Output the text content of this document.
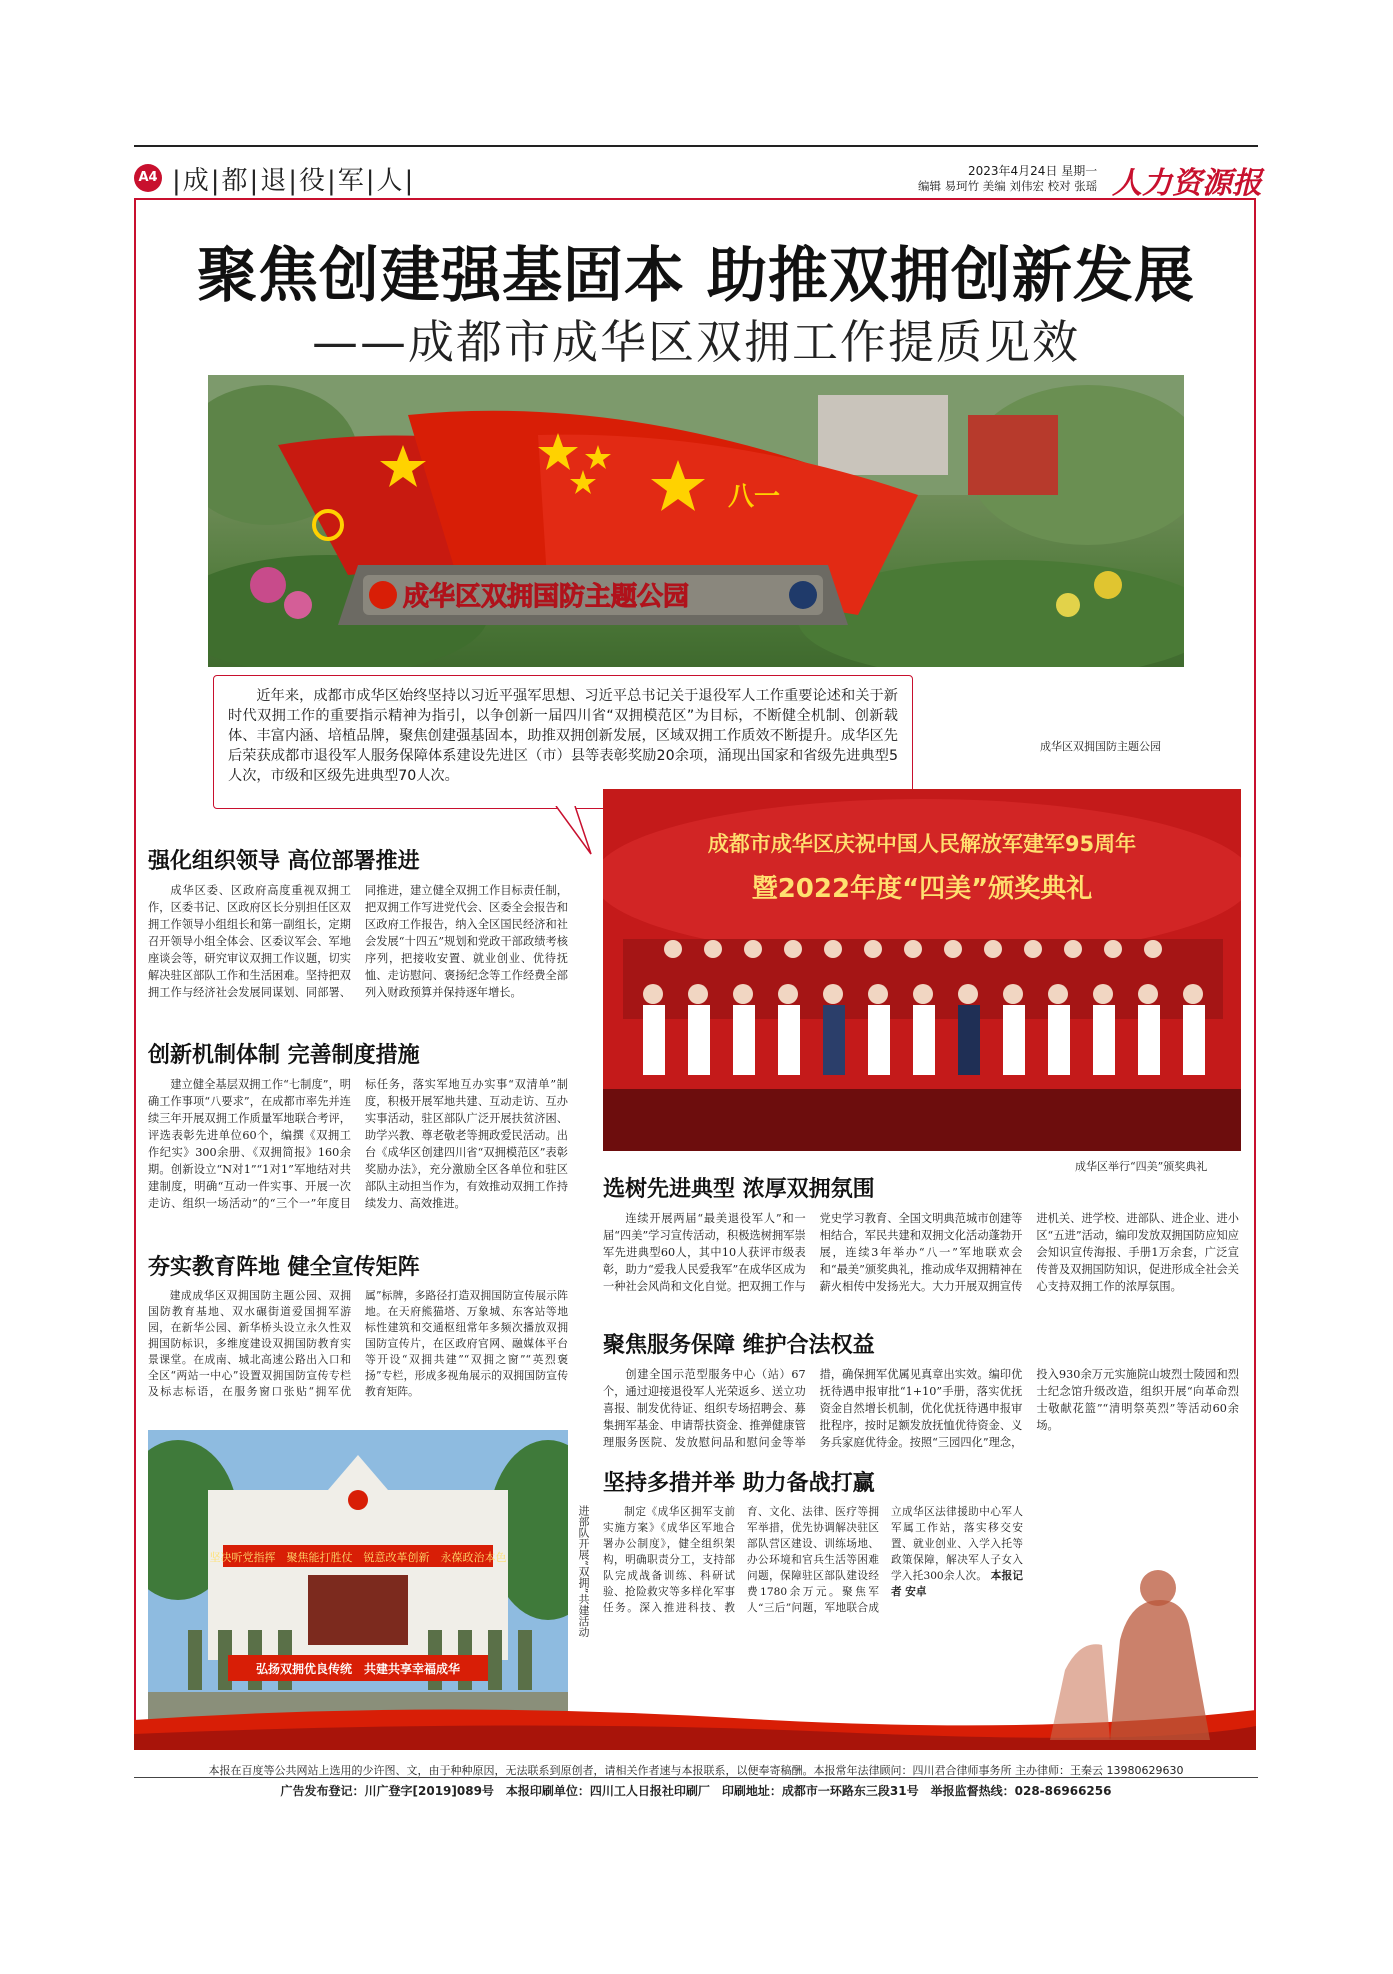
A4 |成|都|退|役|军|人|	2023年4月24日 星期一
编辑 易珂竹 美编 刘伟宏 校对 张瑶 人力资源报
聚焦创建强基固本 助推双拥创新发展
——成都市成华区双拥工作提质见效
八一
成华区双拥国防主题公园
成华区双拥国防主题公园
近年来，成都市成华区始终坚持以习近平强军思想、习近平总书记关于退役军人工作重要论述和关于新时代双拥工作的重要指示精神为指引，以争创新一届四川省“双拥模范区”为目标，不断健全机制、创新载体、丰富内涵、培植品牌，聚焦创建强基固本，助推双拥创新发展，区域双拥工作质效不断提升。成华区先后荣获成都市退役军人服务保障体系建设先进区（市）县等表彰奖励20余项，涌现出国家和省级先进典型5人次，市级和区级先进典型70人次。
强化组织领导 高位部署推进

成华区委、区政府高度重视双拥工作，区委书记、区政府区长分别担任区双拥工作领导小组组长和第一副组长，定期召开领导小组全体会、区委议军会、军地座谈会等，研究审议双拥工作议题，切实解决驻区部队工作和生活困难。坚持把双拥工作与经济社会发展同谋划、同部署、同推进，建立健全双拥工作目标责任制，把双拥工作写进党代会、区委全会报告和区政府工作报告，纳入全区国民经济和社会发展“十四五”规划和党政干部政绩考核序列，把接收安置、就业创业、优待抚恤、走访慰问、褒扬纪念等工作经费全部列入财政预算并保持逐年增长。

创新机制体制 完善制度措施

建立健全基层双拥工作“七制度”，明确工作事项“八要求”，在成都市率先并连续三年开展双拥工作质量军地联合考评，评选表彰先进单位60个，编撰《双拥工作纪实》300余册、《双拥简报》160余期。创新设立“N对1”“1对1”军地结对共建制度，明确“互动一件实事、开展一次走访、组织一场活动”的“三个一”年度目标任务，落实军地互办实事“双清单”制度，积极开展军地共建、互动走访、互办实事活动，驻区部队广泛开展扶贫济困、助学兴教、尊老敬老等拥政爱民活动。出台《成华区创建四川省“双拥模范区”表彰奖励办法》，充分激励全区各单位和驻区部队主动担当作为，有效推动双拥工作持续发力、高效推进。

夯实教育阵地 健全宣传矩阵

建成成华区双拥国防主题公园、双拥国防教育基地、双水碾街道爱国拥军游园，在新华公园、新华桥头设立永久性双拥国防标识，多维度建设双拥国防教育实景课堂。在成南、城北高速公路出入口和全区“两站一中心”设置双拥国防宣传专栏及标志标语，在服务窗口张贴“拥军优属”标牌，多路径打造双拥国防宣传展示阵地。在天府熊猫塔、万象城、东客站等地标性建筑和交通枢纽常年多频次播放双拥国防宣传片，在区政府官网、融媒体平台等开设“双拥共建”“双拥之窗”“英烈褒扬”专栏，形成多视角展示的双拥国防宣传教育矩阵。

成都市成华区庆祝中国人民解放军建军95周年
暨2022年度“四美”颁奖典礼
成华区举行“四美”颁奖典礼
选树先进典型 浓厚双拥氛围

连续开展两届“最美退役军人”和一届“四美”学习宣传活动，积极选树拥军崇军先进典型60人，其中10人获评市级表彰，助力“爱我人民爱我军”在成华区成为一种社会风尚和文化自觉。把双拥工作与党史学习教育、全国文明典范城市创建等相结合，军民共建和双拥文化活动蓬勃开展，连续3年举办“八一”军地联欢会和“最美”颁奖典礼，推动成华双拥精神在薪火相传中发扬光大。大力开展双拥宣传进机关、进学校、进部队、进企业、进小区“五进”活动，编印发放双拥国防应知应会知识宣传海报、手册1万余套，广泛宣传普及双拥国防知识，促进形成全社会关心支持双拥工作的浓厚氛围。

聚焦服务保障 维护合法权益

创建全国示范型服务中心（站）67个，通过迎接退役军人光荣返乡、送立功喜报、制发优待证、组织专场招聘会、募集拥军基金、申请帮扶资金、推弹健康管理服务医院、发放慰问品和慰问金等举措，确保拥军优属见真章出实效。编印优抚待遇申报审批“1+10”手册，落实优抚资金自然增长机制，优化优抚待遇申报审批程序，按时足额发放抚恤优待资金、义务兵家庭优待金。按照“三园四化”理念，投入930余万元实施院山坡烈士陵园和烈士纪念馆升级改造，组织开展“向革命烈士敬献花篮”“清明祭英烈”等活动60余场。

坚持多措并举 助力备战打赢

制定《成华区拥军支前实施方案》《成华区军地合署办公制度》，健全组织架构，明确职责分工，支持部队完成战备训练、科研试验、抢险救灾等多样化军事任务。深入推进科技、教育、文化、法律、医疗等拥军举措，优先协调解决驻区部队营区建设、训练场地、办公环境和官兵生活等困难问题，保障驻区部队建设经费1780余万元。聚焦军人“三后”问题，军地联合成立成华区法律援助中心军人军属工作站，落实移交安置、就业创业、入学入托等政策保障，解决军人子女入学入托300余人次。 本报记者 安卓

坚决听党指挥　聚焦能打胜仗　锐意改革创新　永葆政治本色
弘扬双拥优良传统　共建共享幸福成华
进部队开展“双拥”共建活动
本报在百度等公共网站上选用的少许图、文，由于种种原因，无法联系到原创者，请相关作者速与本报联系，以便奉寄稿酬。本报常年法律顾问：四川君合律师事务所 主办律师：王秦云 13980629630
广告发布登记：川广登字[2019]089号　本报印刷单位：四川工人日报社印刷厂　印刷地址：成都市一环路东三段31号　举报监督热线：028-86966256
